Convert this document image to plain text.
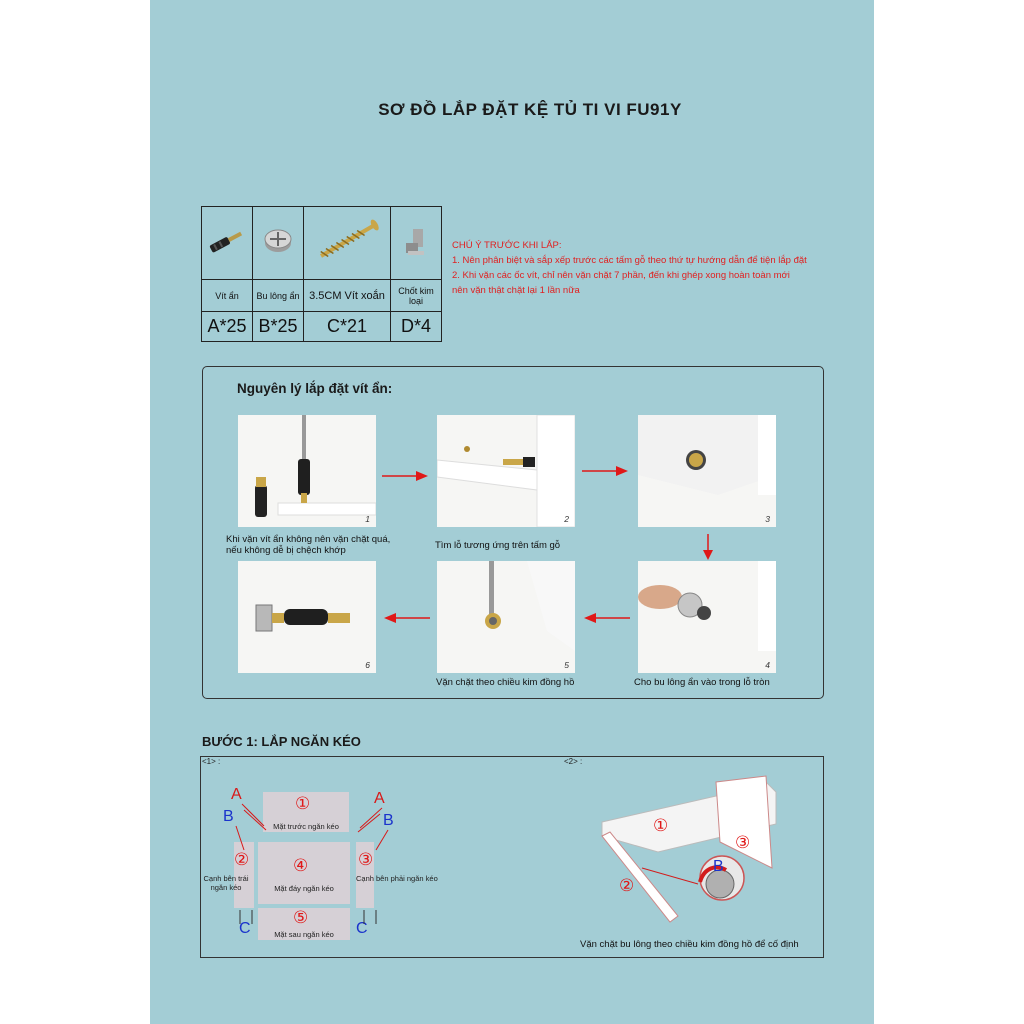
SƠ ĐỒ LẮP ĐẶT KỆ TỦ TI VI FU91Y

Vít ẩn	Bu lông ẩn	3.5CM Vít xoắn	Chốt kim loại
A*25	B*25	C*21	D*4
CHÚ Ý TRƯỚC KHI LẮP:
1. Nên phân biệt và sắp xếp trước các tấm gỗ theo thứ tự hướng dẫn để tiện lắp đặt
2. Khi vặn các ốc vít, chỉ nên vặn chặt 7 phần, đến khi ghép xong hoàn toàn mới
nên vặn thật chặt lại 1 lần nữa
Nguyên lý lắp đặt vít ẩn:
1	2	3
Khi vặn vít ẩn không nên vặn chặt quá,
nếu không dễ bị chệch khớp	Tìm lỗ tương ứng trên tấm gỗ
6	5	4
Vặn chặt theo chiều kim đồng hồ	Cho bu lông ẩn vào trong lỗ tròn
BƯỚC 1: LẮP NGĂN KÉO
<1> :	<2> :
①
Mặt trước ngăn kéo
②
Cạnh bên trái
ngăn kéo
④
Mặt đáy ngăn kéo
③
Cạnh bên phải ngăn kéo
⑤
Mặt sau ngăn kéo
A	A
B	B
C	C
①
③
②
B
Vặn chặt bu lông theo chiều kim đồng hồ để cố định
